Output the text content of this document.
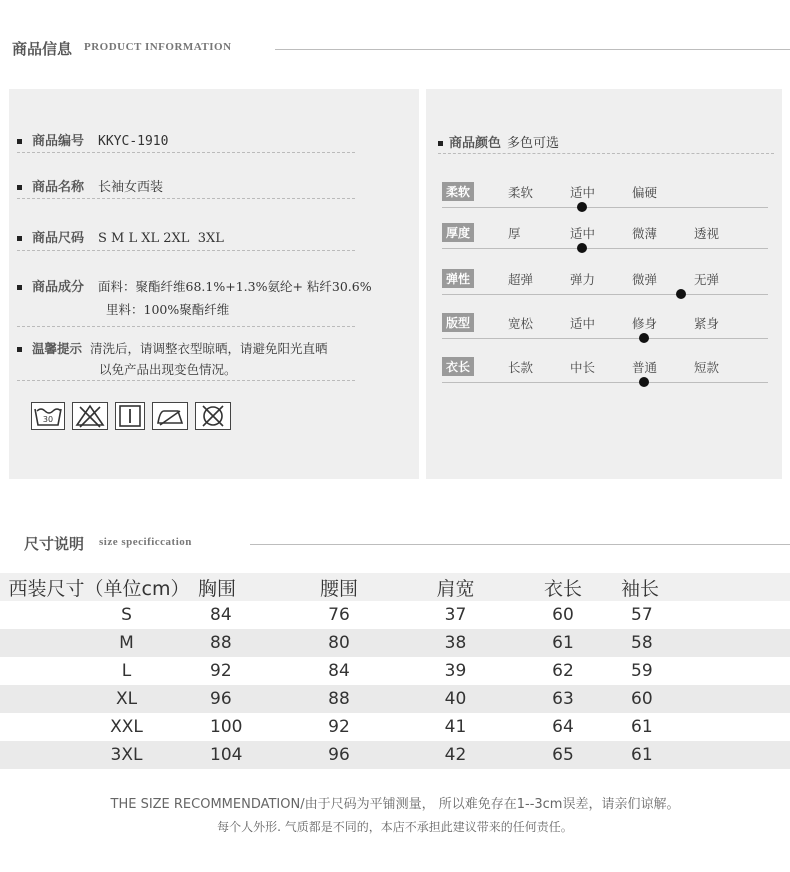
商品信息 PRODUCT INFORMATION
商品编号 KKYC-1910
商品名称 长袖女西装
商品尺码 S M L XL 2XL  3XL
商品成分 面料：聚酯纤维68.1%+1.3%氨纶+ 粘纤30.6%
里料：100%聚酯纤维
温馨提示 清洗后，请调整衣型晾晒，请避免阳光直晒
以免产品出现变色情况。
30
商品颜色 多色可选
柔软	柔软	适中	偏硬
厚度	厚	适中	微薄	透视
弹性	超弹	弹力	微弹	无弹
版型	宽松	适中	修身	紧身
衣长	长款	中长	普通	短款
尺寸说明 size specificcation
西装尺寸（单位cm）	胸围	腰围	肩宽	衣长	袖长	
S	84	76	37	60	57	
M	88	80	38	61	58	
L	92	84	39	62	59	
XL	96	88	40	63	60	
XXL	100	92	41	64	61	
3XL	104	96	42	65	61	
THE SIZE RECOMMENDATION/由于尺码为平铺测量， 所以难免存在1--3cm误差，请亲们谅解。
每个人外形. 气质都是不同的，本店不承担此建议带来的任何责任。
